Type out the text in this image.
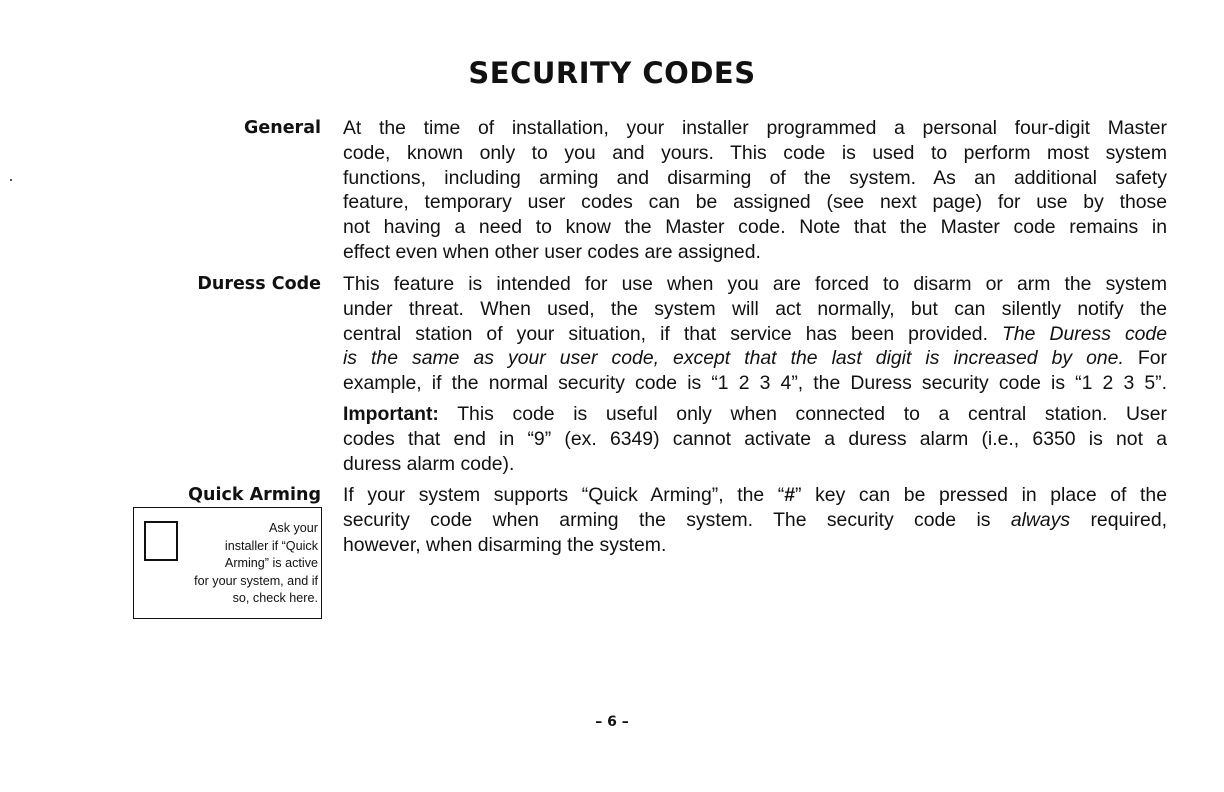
SECURITY CODES
General At the time of installation, your installer programmed a personal four-digit Master
code, known only to you and yours. This code is used to perform most system
functions, including arming and disarming of the system. As an additional safety
feature, temporary user codes can be assigned (see next page) for use by those
not having a need to know the Master code. Note that the Master code remains in
effect even when other user codes are assigned.
Duress Code This feature is intended for use when you are forced to disarm or arm the system
under threat. When used, the system will act normally, but can silently notify the
central station of your situation, if that service has been provided. The Duress code
is the same as your user code, except that the last digit is increased by one. For
example, if the normal security code is “1 2 3 4”, the Duress security code is “1 2 3 5”.
Important: This code is useful only when connected to a central station. User
codes that end in “9” (ex. 6349) cannot activate a duress alarm (i.e., 6350 is not a
duress alarm code).
Quick Arming If your system supports “Quick Arming”, the “#” key can be pressed in place of the
security code when arming the system. The security code is always required,
however, when disarming the system.
Ask your
installer if “Quick
Arming” is active
for your system, and if
so, check here.
– 6 –
